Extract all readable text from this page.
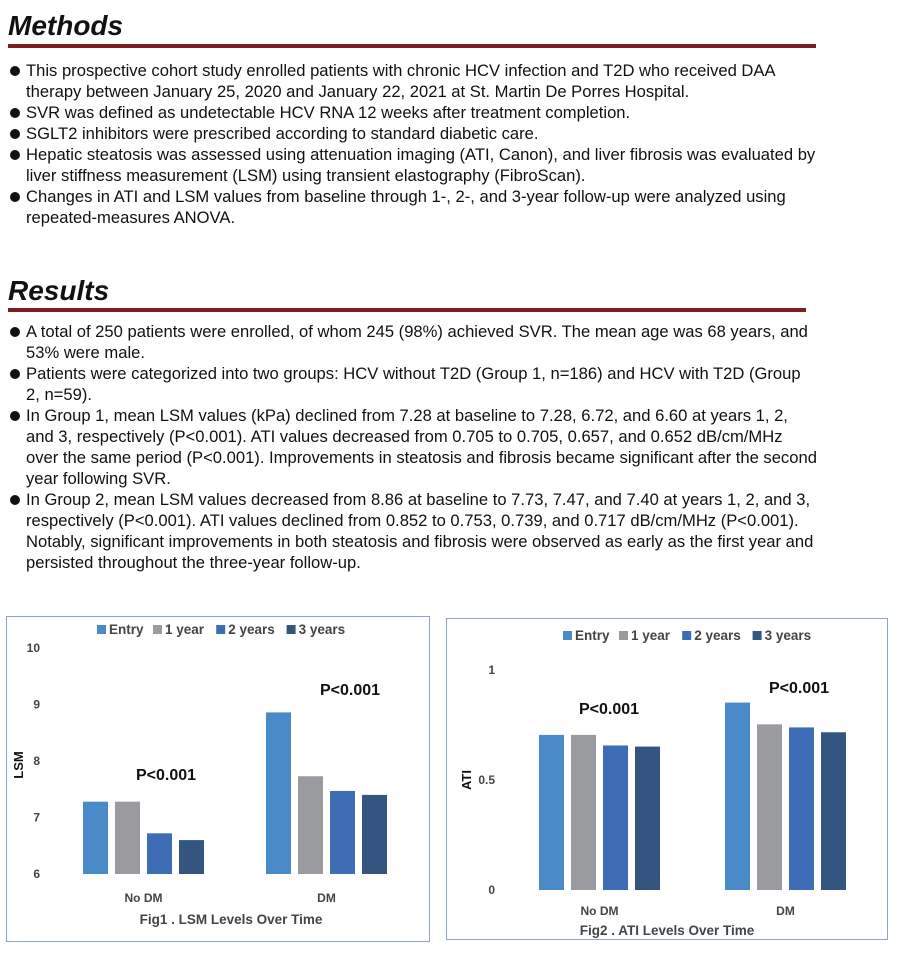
Methods
This prospective cohort study enrolled patients with chronic HCV infection and T2D who received DAA therapy between January 25, 2020 and January 22, 2021 at St. Martin De Porres Hospital.
SVR was defined as undetectable HCV RNA 12 weeks after treatment completion.
SGLT2 inhibitors were prescribed according to standard diabetic care.
Hepatic steatosis was assessed using attenuation imaging (ATI, Canon), and liver fibrosis was evaluated by liver stiffness measurement (LSM) using transient elastography (FibroScan).
Changes in ATI and LSM values from baseline through 1-, 2-, and 3-year follow-up were analyzed using repeated-measures ANOVA.
Results
A total of 250 patients were enrolled, of whom 245 (98%) achieved SVR. The mean age was 68 years, and 53% were male.
Patients were categorized into two groups: HCV without T2D (Group 1, n=186) and HCV with T2D (Group 2, n=59).
In Group 1, mean LSM values (kPa) declined from 7.28 at baseline to 7.28, 6.72, and 6.60 at years 1, 2, and 3, respectively (P<0.001). ATI values decreased from 0.705 to 0.705, 0.657, and 0.652 dB/cm/MHz over the same period (P<0.001). Improvements in steatosis and fibrosis became significant after the second year following SVR.
In Group 2, mean LSM values decreased from 8.86 at baseline to 7.73, 7.47, and 7.40 at years 1, 2, and 3, respectively (P<0.001). ATI values declined from 0.852 to 0.753, 0.739, and 0.717 dB/cm/MHz (P<0.001). Notably, significant improvements in both steatosis and fibrosis were observed as early as the first year and persisted throughout the three-year follow-up.
Entry 1 year 2 years 3 years
6
7
8
9
10
LSM
No DM
P<0.001
DM
P<0.001
Fig1 . LSM Levels Over Time
Entry 1 year 2 years 3 years
0
0.5
1
ATI
No DM
P<0.001
DM
P<0.001
Fig2 . ATI Levels Over Time
